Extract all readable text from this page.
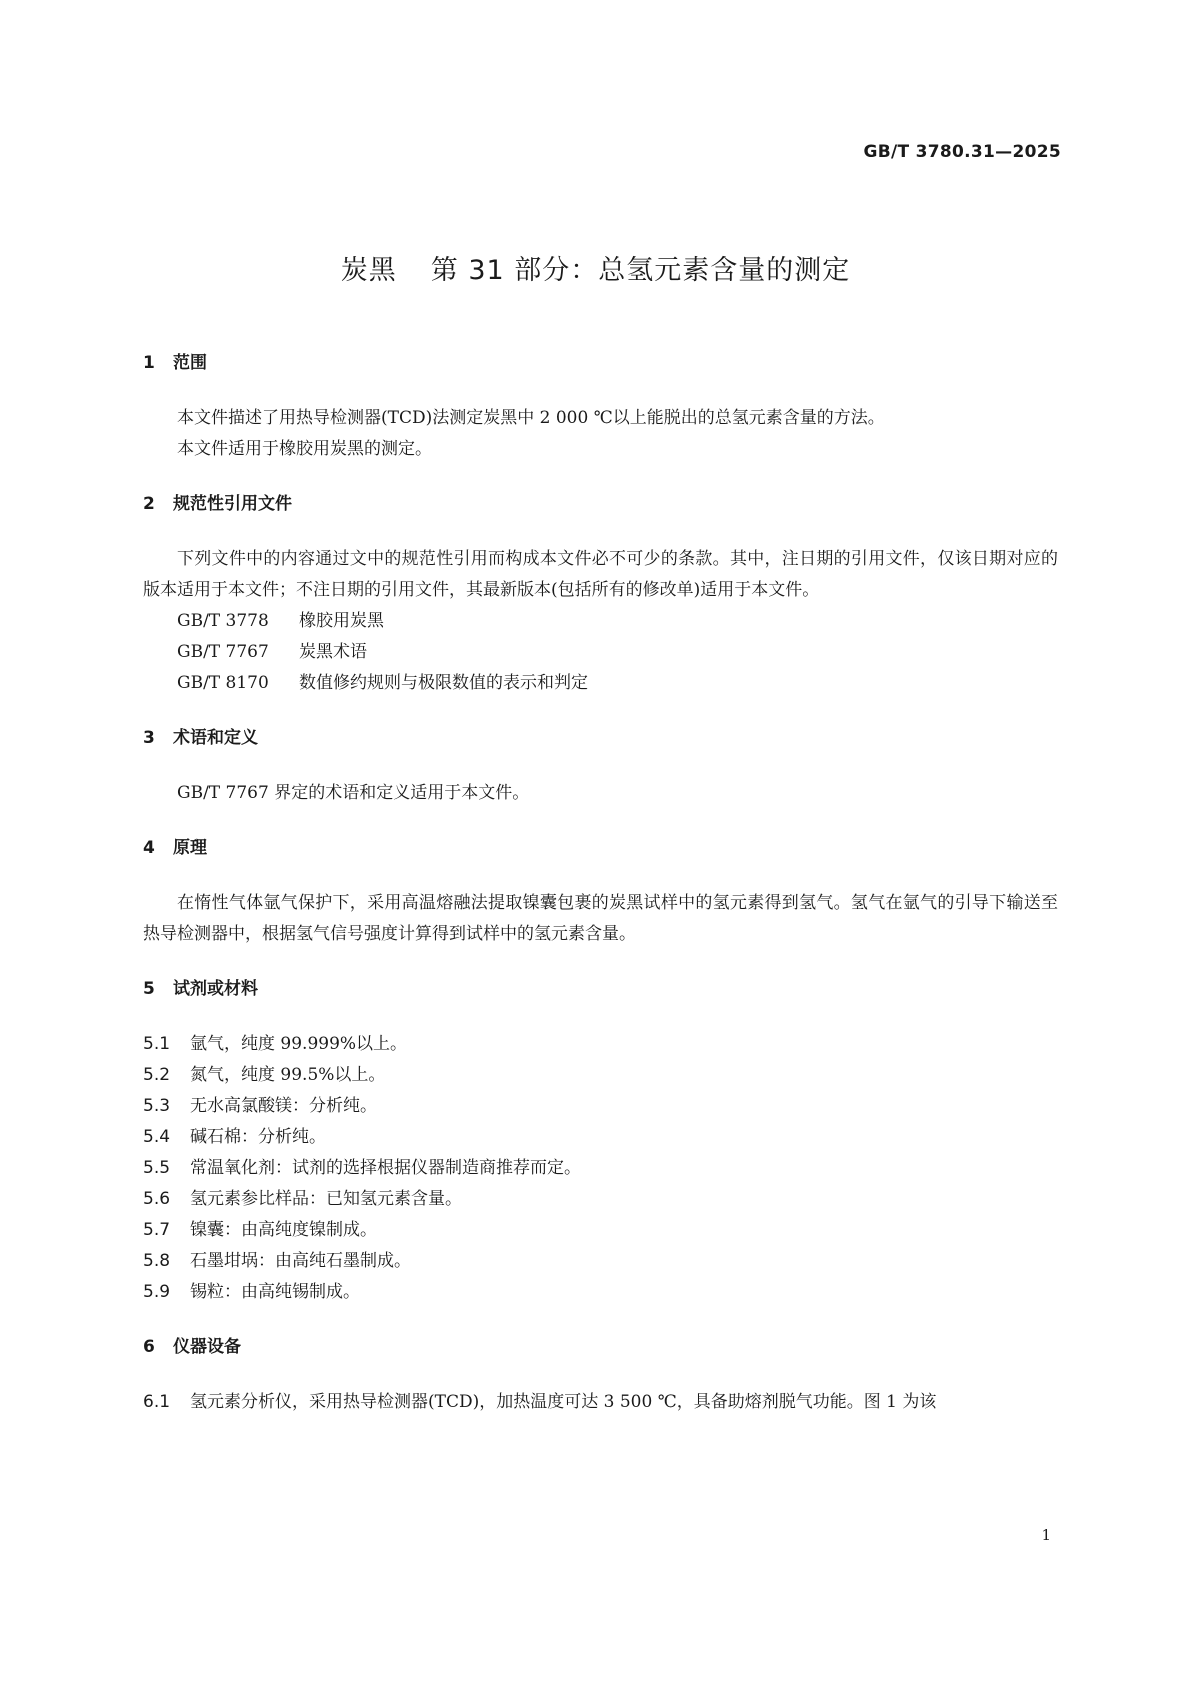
GB/T 3780.31—2025
炭黑 第 31 部分：总氢元素含量的测定
1 范围

本文件描述了用热导检测器(TCD)法测定炭黑中 2 000 ℃以上能脱出的总氢元素含量的方法。

本文件适用于橡胶用炭黑的测定。

2 规范性引用文件

下列文件中的内容通过文中的规范性引用而构成本文件必不可少的条款。其中，注日期的引用文件，仅该日期对应的版本适用于本文件；不注日期的引用文件，其最新版本(包括所有的修改单)适用于本文件。

GB/T 3778 橡胶用炭黑
GB/T 7767 炭黑术语
GB/T 8170 数值修约规则与极限数值的表示和判定
3 术语和定义

GB/T 7767 界定的术语和定义适用于本文件。

4 原理

在惰性气体氩气保护下，采用高温熔融法提取镍囊包裹的炭黑试样中的氢元素得到氢气。氢气在氩气的引导下输送至热导检测器中，根据氢气信号强度计算得到试样中的氢元素含量。

5 试剂或材料
5.1 氩气，纯度 99.999%以上。
5.2 氮气，纯度 99.5%以上。
5.3 无水高氯酸镁：分析纯。
5.4 碱石棉：分析纯。
5.5 常温氧化剂：试剂的选择根据仪器制造商推荐而定。
5.6 氢元素参比样品：已知氢元素含量。
5.7 镍囊：由高纯度镍制成。
5.8 石墨坩埚：由高纯石墨制成。
5.9 锡粒：由高纯锡制成。
6 仪器设备
6.1 氢元素分析仪，采用热导检测器(TCD)，加热温度可达 3 500 ℃，具备助熔剂脱气功能。图 1 为该
1
